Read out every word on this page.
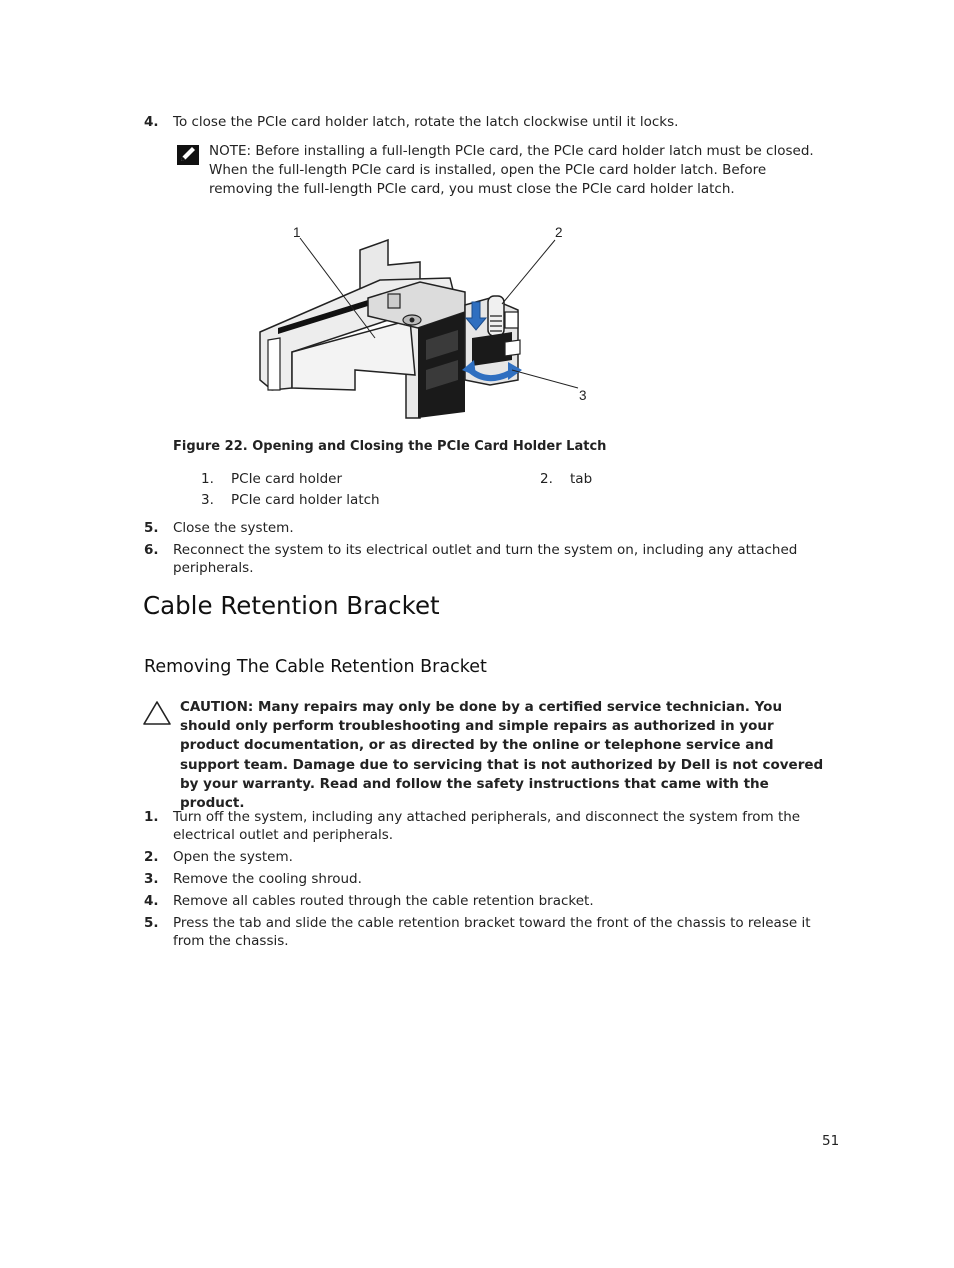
4.	To close the PCIe card holder latch, rotate the latch clockwise until it locks.
NOTE: Before installing a full-length PCIe card, the PCIe card holder latch must be closed. When the full-length PCIe card is installed, open the PCIe card holder latch. Before removing the full-length PCIe card, you must close the PCIe card holder latch.
1	2
3
Figure 22. Opening and Closing the PCIe Card Holder Latch
1. PCIe card holder	2. tab
3. PCIe card holder latch
5.	Close the system.
6.	Reconnect the system to its electrical outlet and turn the system on, including any attached peripherals.
Cable Retention Bracket
Removing The Cable Retention Bracket
CAUTION: Many repairs may only be done by a certified service technician. You should only perform troubleshooting and simple repairs as authorized in your product documentation, or as directed by the online or telephone service and support team. Damage due to servicing that is not authorized by Dell is not covered by your warranty. Read and follow the safety instructions that came with the product.
1.	Turn off the system, including any attached peripherals, and disconnect the system from the electrical outlet and peripherals.
2.	Open the system.
3.	Remove the cooling shroud.
4.	Remove all cables routed through the cable retention bracket.
5.	Press the tab and slide the cable retention bracket toward the front of the chassis to release it from the chassis.
51
